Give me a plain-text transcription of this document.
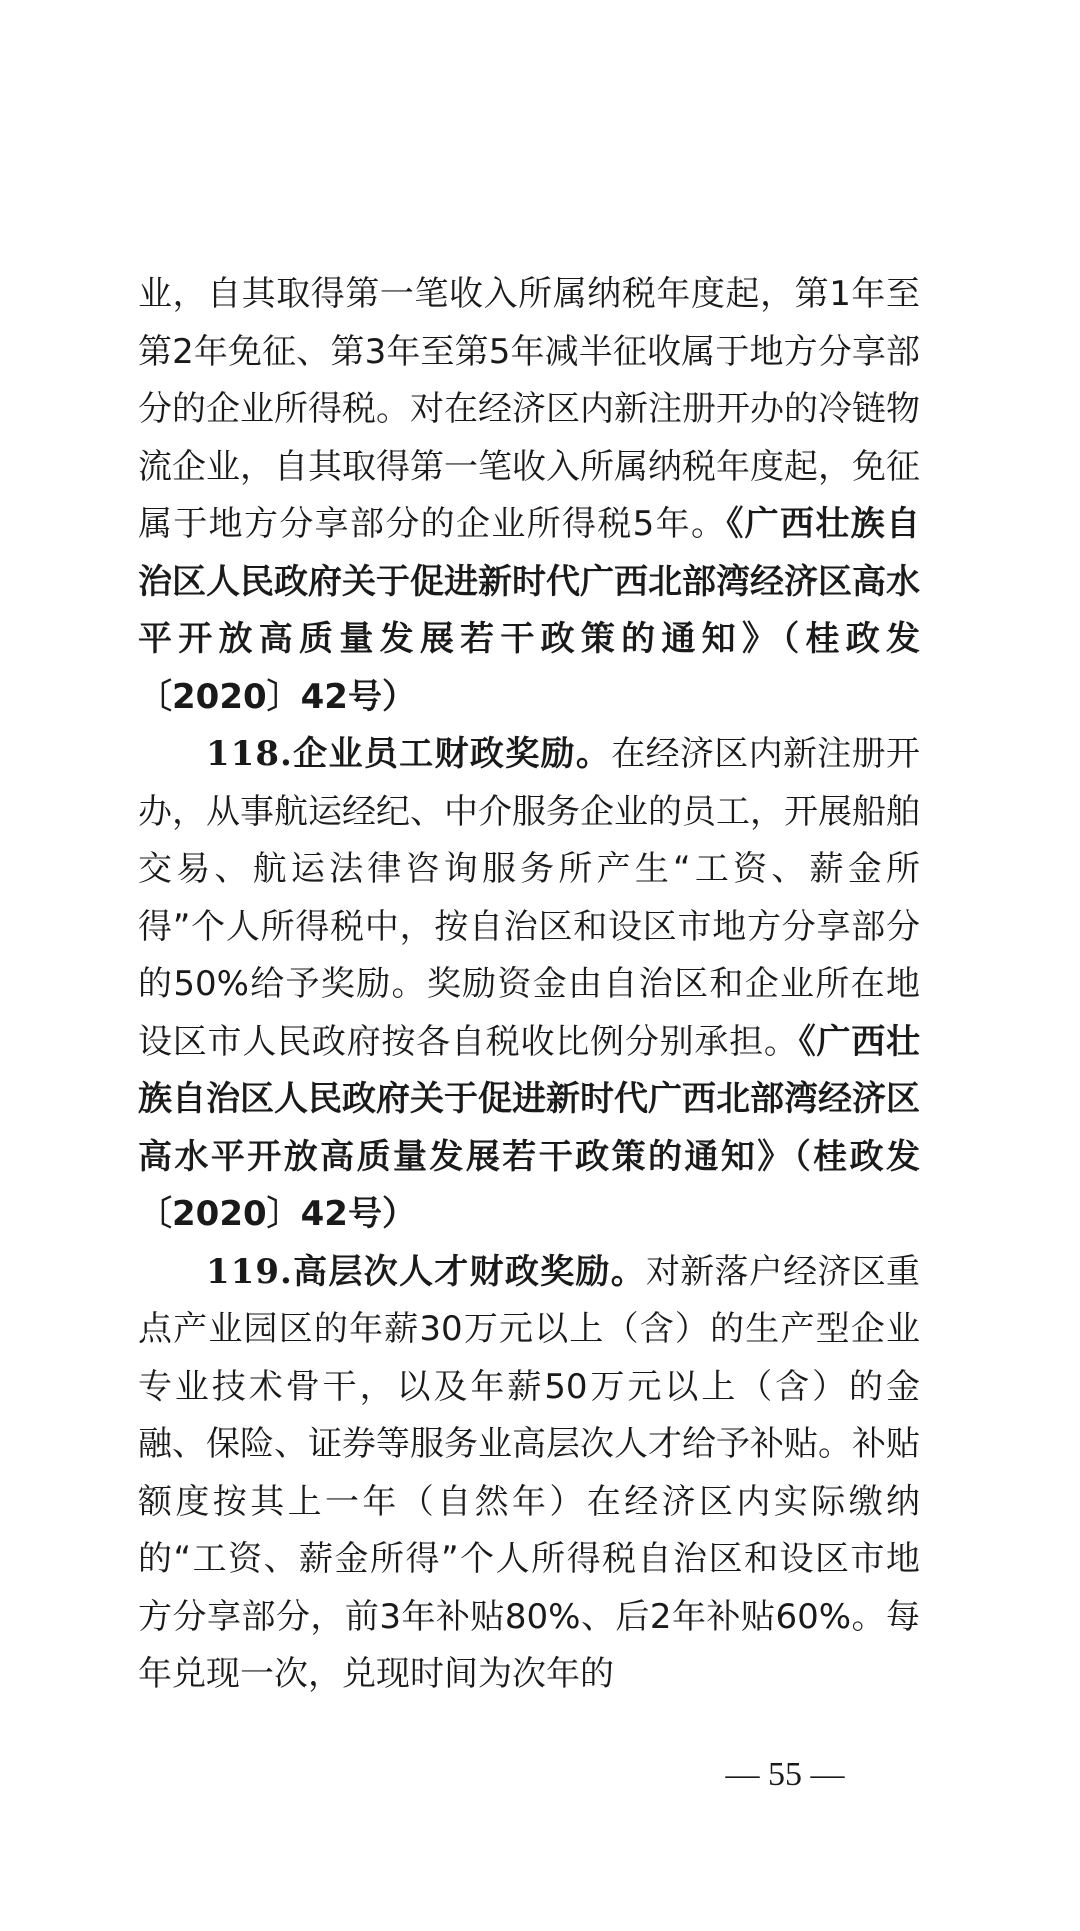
业，自其取得第一笔收入所属纳税年度起，第1年至第2年免征、第3年至第5年减半征收属于地方分享部分的企业所得税。对在经济区内新注册开办的冷链物流企业，自其取得第一笔收入所属纳税年度起，免征属于地方分享部分的企业所得税5年。《广西壮族自治区人民政府关于促进新时代广西北部湾经济区高水平开放高质量发展若干政策的通知》（桂政发〔2020〕42号）

118.企业员工财政奖励。在经济区内新注册开办，从事航运经纪、中介服务企业的员工，开展船舶交易、航运法律咨询服务所产生“工资、薪金所得”个人所得税中，按自治区和设区市地方分享部分的50%给予奖励。奖励资金由自治区和企业所在地设区市人民政府按各自税收比例分别承担。《广西壮族自治区人民政府关于促进新时代广西北部湾经济区高水平开放高质量发展若干政策的通知》（桂政发〔2020〕42号）

119.高层次人才财政奖励。对新落户经济区重点产业园区的年薪30万元以上（含）的生产型企业专业技术骨干，以及年薪50万元以上（含）的金融、保险、证券等服务业高层次人才给予补贴。补贴额度按其上一年（自然年）在经济区内实际缴纳的“工资、薪金所得”个人所得税自治区和设区市地方分享部分，前3年补贴80%、后2年补贴60%。每年兑现一次，兑现时间为次年的

— 55 —
